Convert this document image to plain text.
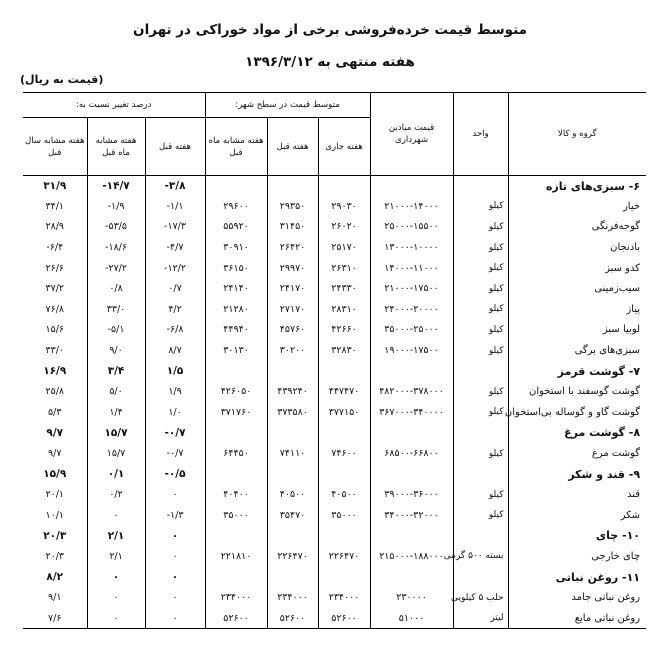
متوسط قیمت خرده‌فروشی برخی از مواد خوراکی در تهران
هفته منتهی به ۱۳۹۶/۳/۱۲
(قیمت به ریال)
گروه و کالا	واحد	قیمت میادین شهرداری	متوسط قیمت در سطح شهر:			درصد تغییر نسبت به:		
			هفته جاری	هفته قبل	هفته مشابه ماه قبل	هفته قبل	هفته مشابه ماه قبل	هفته مشابه سال قبل
۶- سبزی‌های تازه						۳/۸-	۱۴/۷-	۳۱/۹
خیار	کیلو	۲۱۰۰۰-۱۴۰۰۰	۲۹۰۳۰	۲۹۳۵۰	۲۹۶۰۰	۱/۱-	۱/۹-	۳۴/۱
گوجه‌فرنگی	کیلو	۲۵۰۰۰-۱۵۵۰۰	۲۶۰۲۰	۳۱۴۵۰	۵۵۹۲۰	۱۷/۳-	۵۳/۵-	۲۸/۹
بادنجان	کیلو	۱۳۰۰۰-۱۰۰۰۰	۲۵۱۷۰	۲۶۴۲۰	۳۰۹۱۰	۴/۷-	۱۸/۶-	۶/۴-
کدو سبز	کیلو	۱۴۰۰۰-۱۱۰۰۰	۲۶۳۱۰	۲۹۹۷۰	۳۶۱۵۰	۱۲/۲-	۲۷/۲-	۲۶/۶
سیب‌زمینی	کیلو	۲۱۰۰۰-۱۷۵۰۰	۲۴۳۳۰	۲۴۱۷۰	۲۴۱۴۰	۰/۷	۰/۸	۳۷/۲
پیاز	کیلو	۲۴۰۰۰-۲۰۰۰۰	۲۸۳۱۰	۲۷۱۷۰	۲۱۲۸۰	۴/۲	۳۳/۰	۷۶/۸
لوبیا سبز	کیلو	۳۵۰۰۰-۲۵۰۰۰	۴۲۶۶۰	۴۵۷۶۰	۴۴۹۴۰	۶/۸-	۵/۱-	۱۵/۶
سبزی‌های برگی	کیلو	۱۹۰۰۰-۱۷۵۰۰	۳۲۸۳۰	۳۰۲۰۰	۳۰۱۳۰	۸/۷	۹/۰	۳۳/۰
۷- گوشت قرمز						۱/۵	۳/۴	۱۶/۹
گوشت گوسفند با استخوان	کیلو	۴۸۲۰۰۰-۳۷۸۰۰۰	۴۴۷۴۷۰	۴۳۹۲۴۰	۴۲۶۰۵۰	۱/۹	۵/۰	۲۵/۸
گوشت گاو و گوساله بی‌استخوان	کیلو	۳۶۷۰۰۰-۳۴۰۰۰۰	۳۷۷۱۵۰	۳۷۳۵۸۰	۳۷۱۷۶۰	۱/۰	۱/۴	۵/۳
۸- گوشت مرغ						۰/۷-	۱۵/۷	۹/۷
گوشت مرغ	کیلو	۶۸۵۰۰-۶۶۸۰۰	۷۴۶۰۰	۷۴۱۱۰	۶۴۴۵۰	۰/۷-	۱۵/۷	۹/۷
۹- قند و شکر						۰/۵-	۰/۱	۱۵/۹
قند	کیلو	۳۹۰۰۰-۳۶۰۰۰	۴۰۵۰۰	۴۰۵۰۰	۴۰۴۰۰	۰	۰/۲	۲۰/۱
شکر	کیلو	۳۴۰۰۰-۳۲۰۰۰	۳۵۰۰۰	۳۵۴۷۰	۳۵۰۰۰	۱/۳-	۰	۱۰/۱
۱۰- چای						۰	۲/۱	۲۰/۳
چای خارجی	بسته ۵۰۰ گرمی	۲۱۵۰۰۰-۱۸۸۰۰۰	۲۲۶۴۷۰	۲۲۶۴۷۰	۲۲۱۸۱۰	۰	۲/۱	۲۰/۳
۱۱- روغن نباتی						۰	۰	۸/۲
روغن نباتی جامد	حلب ۵ کیلویی	۲۳۰۰۰۰	۲۳۴۰۰۰	۲۳۴۰۰۰	۲۳۴۰۰۰	۰	۰	۹/۱
روغن نباتی مایع	لیتر	۵۱۰۰۰	۵۲۶۰۰	۵۲۶۰۰	۵۲۶۰۰	۰	۰	۷/۶
